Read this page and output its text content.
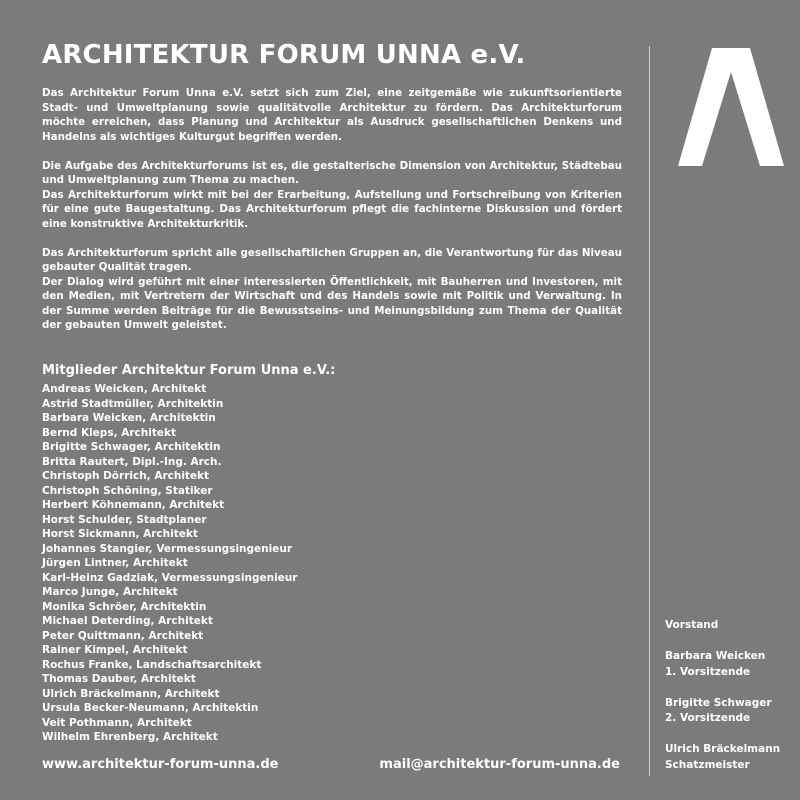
ARCHITEKTUR FORUM UNNA e.V.

Das Architektur Forum Unna e.V. setzt sich zum Ziel, eine zeitgemäße wie zukunftsorientierte Stadt- und Umweltplanung sowie qualitätvolle Architektur zu fördern. Das Architekturforum möchte erreichen, dass Planung und Architektur als Ausdruck gesellschaftlichen Denkens und Handelns als wichtiges Kulturgut begriffen werden.

Die Aufgabe des Architekturforums ist es, die gestalterische Dimension von Architektur, Städtebau und Umweltplanung zum Thema zu machen.
Das Architekturforum wirkt mit bei der Erarbeitung, Aufstellung und Fortschreibung von Kriterien für eine gute Baugestaltung. Das Architekturforum pflegt die fachinterne Diskussion und fördert eine konstruktive Architekturkritik.

Das Architekturforum spricht alle gesellschaftlichen Gruppen an, die Verantwortung für das Niveau gebauter Qualität tragen.
Der Dialog wird geführt mit einer interessierten Öffentlichkeit, mit Bauherren und Investoren, mit den Medien, mit Vertretern der Wirtschaft und des Handels sowie mit Politik und Verwaltung. In der Summe werden Beiträge für die Bewusstseins- und Meinungsbildung zum Thema der Qualität der gebauten Umwelt geleistet.

Mitglieder Architektur Forum Unna e.V.:
Andreas Weicken, Architekt
Astrid Stadtmüller, Architektin
Barbara Weicken, Architektin
Bernd Kleps, Architekt
Brigitte Schwager, Architektin
Britta Rautert, Dipl.-Ing. Arch.
Christoph Dörrich, Architekt
Christoph Schöning, Statiker
Herbert Köhnemann, Architekt
Horst Schulder, Stadtplaner
Horst Sickmann, Architekt
Johannes Stangier, Vermessungsingenieur
Jürgen Lintner, Architekt
Karl-Heinz Gadziak, Vermessungsingenieur
Marco Junge, Architekt
Monika Schröer, Architektin
Michael Deterding, Architekt
Peter Quittmann, Architekt
Rainer Kimpel, Architekt
Rochus Franke, Landschaftsarchitekt
Thomas Dauber, Architekt
Ulrich Bräckelmann, Architekt
Ursula Becker-Neumann, Architektin
Veit Pothmann, Architekt
Wilhelm Ehrenberg, Architekt
www.architektur-forum-unna.de	mail@architektur-forum-unna.de
Vorstand
Barbara Weicken
1. Vorsitzende
Brigitte Schwager
2. Vorsitzende
Ulrich Bräckelmann
Schatzmeister
